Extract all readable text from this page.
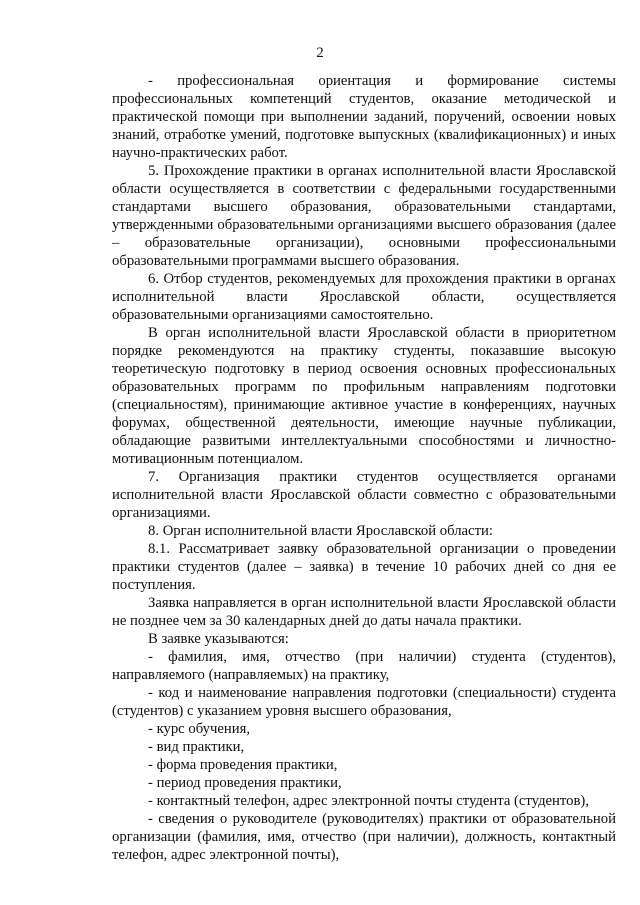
2

- профессиональная ориентация и формирование системы профессиональных компетенций студентов, оказание методической и практической помощи при выполнении заданий, поручений, освоении новых знаний, отработке умений, подготовке выпускных (квалификационных) и иных научно-практических работ.

5. Прохождение практики в органах исполнительной власти Ярославской области осуществляется в соответствии с федеральными государственными стандартами высшего образования, образовательными стандартами, утвержденными образовательными организациями высшего образования (далее – образовательные организации), основными профессиональными образовательными программами высшего образования.

6. Отбор студентов, рекомендуемых для прохождения практики в органах исполнительной власти Ярославской области, осуществляется образовательными организациями самостоятельно.

В орган исполнительной власти Ярославской области в приоритетном порядке рекомендуются на практику студенты, показавшие высокую теоретическую подготовку в период освоения основных профессиональных образовательных программ по профильным направлениям подготовки (специальностям), принимающие активное участие в конференциях, научных форумах, общественной деятельности, имеющие научные публикации, обладающие развитыми интеллектуальными способностями и личностно-мотивационным потенциалом.

7. Организация практики студентов осуществляется органами исполнительной власти Ярославской области совместно с образовательными организациями.

8. Орган исполнительной власти Ярославской области:

8.1. Рассматривает заявку образовательной организации о проведении практики студентов (далее – заявка) в течение 10 рабочих дней со дня ее поступления.

Заявка направляется в орган исполнительной власти Ярославской области не позднее чем за 30 календарных дней до даты начала практики.

В заявке указываются:

- фамилия, имя, отчество (при наличии) студента (студентов), направляемого (направляемых) на практику,

- код и наименование направления подготовки (специальности) студента (студентов) с указанием уровня высшего образования,

- курс обучения,

- вид практики,

- форма проведения практики,

- период проведения практики,

- контактный телефон, адрес электронной почты студента (студентов),

- сведения о руководителе (руководителях) практики от образовательной организации (фамилия, имя, отчество (при наличии), должность, контактный телефон, адрес электронной почты),
